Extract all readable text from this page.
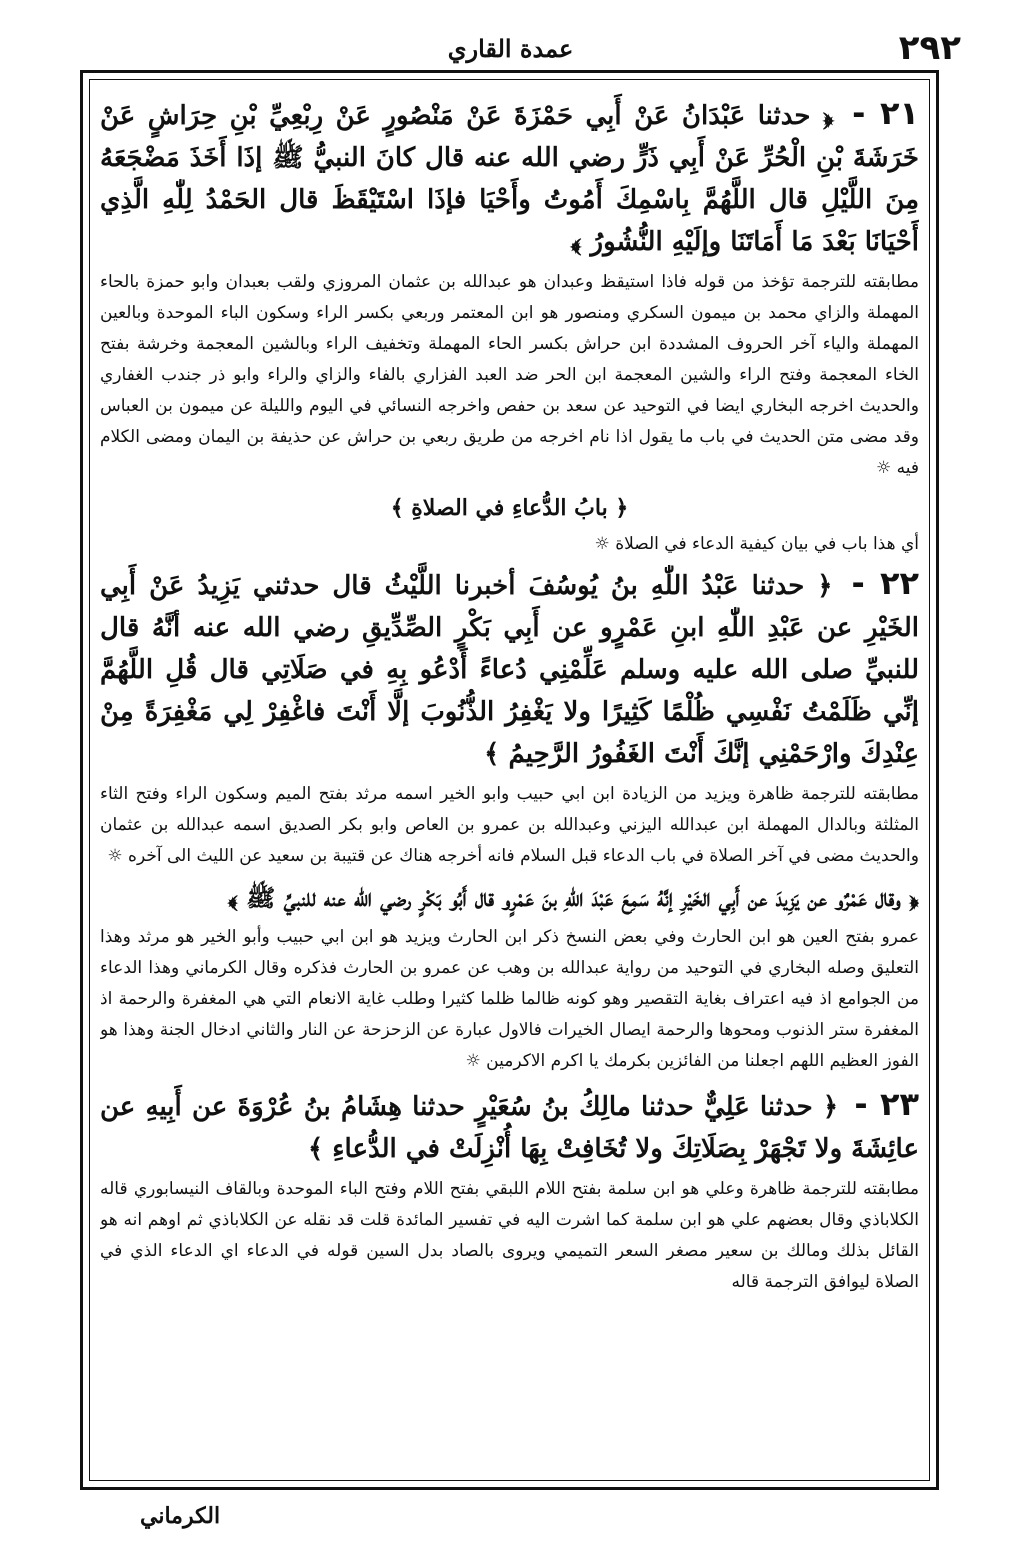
٢٩٢
عمدة القاري

٢١ - ﴿ حدثنا عَبْدَانُ عَنْ أَبِي حَمْزَةَ عَنْ مَنْصُورٍ عَنْ رِبْعِيِّ بْنِ حِرَاشٍ عَنْ خَرَشَةَ بْنِ الْحُرِّ عَنْ أَبِي ذَرٍّ رضي الله عنه قال كانَ النبيُّ ﷺ إذَا أَخَذَ مَضْجَعَهُ مِنَ اللَّيْلِ قال اللَّهُمَّ بِاسْمِكَ أَمُوتُ وأَحْيَا فإذَا اسْتَيْقَظَ قال الحَمْدُ لِلّٰهِ الَّذِي أَحْيَانَا بَعْدَ مَا أَمَاتَنَا وإلَيْهِ النُّشُورُ ﴾

مطابقته للترجمة تؤخذ من قوله فاذا استيقظ وعبدان هو عبدالله بن عثمان المروزي ولقب بعبدان وابو حمزة بالحاء المهملة والزاي محمد بن ميمون السكري ومنصور هو ابن المعتمر وربعي بكسر الراء وسكون الباء الموحدة وبالعين المهملة والياء آخر الحروف المشددة ابن حراش بكسر الحاء المهملة وتخفيف الراء وبالشين المعجمة وخرشة بفتح الخاء المعجمة وفتح الراء والشين المعجمة ابن الحر ضد العبد الفزاري بالفاء والزاي والراء وابو ذر جندب الغفاري والحديث اخرجه البخاري ايضا في التوحيد عن سعد بن حفص واخرجه النسائي في اليوم والليلة عن ميمون بن العباس وقد مضى متن الحديث في باب ما يقول اذا نام اخرجه من طريق ربعي بن حراش عن حذيفة بن اليمان ومضى الكلام فيه ☼

﴿ بابُ الدُّعاءِ في الصلاةِ ﴾

أي هذا باب في بيان كيفية الدعاء في الصلاة ☼

٢٢ - ﴿ حدثنا عَبْدُ اللّٰهِ بنُ يُوسُفَ أخبرنا اللَّيْثُ قال حدثني يَزِيدُ عَنْ أَبِي الخَيْرِ عن عَبْدِ اللّٰهِ ابنِ عَمْرٍو عن أَبِي بَكْرٍ الصِّدِّيقِ رضي الله عنه أنَّهُ قال للنبيِّ صلى الله عليه وسلم عَلِّمْنِي دُعاءً أَدْعُو بِهِ في صَلَاتِي قال قُلِ اللَّهُمَّ إنِّي ظَلَمْتُ نَفْسِي ظُلْمًا كَثِيرًا ولا يَغْفِرُ الذُّنُوبَ إلَّا أَنْتَ فاغْفِرْ لِي مَغْفِرَةً مِنْ عِنْدِكَ وارْحَمْنِي إنَّكَ أَنْتَ الغَفُورُ الرَّحِيمُ ﴾

مطابقته للترجمة ظاهرة ويزيد من الزيادة ابن ابي حبيب وابو الخير اسمه مرثد بفتح الميم وسكون الراء وفتح الثاء المثلثة وبالدال المهملة ابن عبدالله اليزني وعبدالله بن عمرو بن العاص وابو بكر الصديق اسمه عبدالله بن عثمان والحديث مضى في آخر الصلاة في باب الدعاء قبل السلام فانه أخرجه هناك عن قتيبة بن سعيد عن الليث الى آخره ☼

﴿ وقال عَمْرٌو عن يَزِيدَ عن أَبِي الخَيْرِ إنَّهُ سَمِعَ عَبْدَ اللّٰهِ بنَ عَمْرٍو قال أَبُو بَكْرٍ رضي الله عنه للنبيِّ ﷺ ﴾

عمرو بفتح العين هو ابن الحارث وفي بعض النسخ ذكر ابن الحارث ويزيد هو ابن ابي حبيب وأبو الخير هو مرثد وهذا التعليق وصله البخاري في التوحيد من رواية عبدالله بن وهب عن عمرو بن الحارث فذكره وقال الكرماني وهذا الدعاء من الجوامع اذ فيه اعتراف بغاية التقصير وهو كونه ظالما ظلما كثيرا وطلب غاية الانعام التي هي المغفرة والرحمة اذ المغفرة ستر الذنوب ومحوها والرحمة ايصال الخيرات فالاول عبارة عن الزحزحة عن النار والثاني ادخال الجنة وهذا هو الفوز العظيم اللهم اجعلنا من الفائزين بكرمك يا اكرم الاكرمين ☼

٢٣ - ﴿ حدثنا عَلِيٌّ حدثنا مالِكُ بنُ سُعَيْرٍ حدثنا هِشَامُ بنُ عُرْوَةَ عن أَبِيهِ عن عائِشَةَ ولا تَجْهَرْ بِصَلَاتِكَ ولا تُخَافِتْ بِهَا أُنْزِلَتْ في الدُّعاءِ ﴾

مطابقته للترجمة ظاهرة وعلي هو ابن سلمة بفتح اللام اللبقي بفتح اللام وفتح الباء الموحدة وبالقاف النيسابوري قاله الكلاباذي وقال بعضهم علي هو ابن سلمة كما اشرت اليه في تفسير المائدة قلت قد نقله عن الكلاباذي ثم اوهم انه هو القائل بذلك ومالك بن سعير مصغر السعر التميمي ويروى بالصاد بدل السين قوله في الدعاء اي الدعاء الذي في الصلاة ليوافق الترجمة قاله

الكرماني
